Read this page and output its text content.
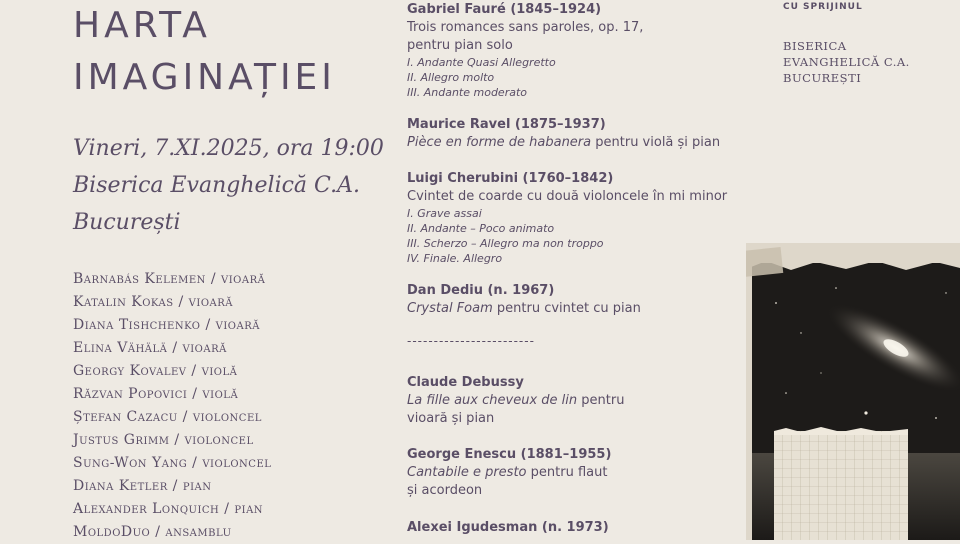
HARTA
IMAGINAȚIEI
Vineri, 7.XI.2025, ora 19:00
Biserica Evanghelică C.A.
București
Barnabás Kelemen / vioară
Katalin Kokas / vioară
Diana Tishchenko / vioară
Elina Vähälä / vioară
Georgy Kovalev / violă
Răzvan Popovici / violă
Ștefan Cazacu / violoncel
Justus Grimm / violoncel
Sung-Won Yang / violoncel
Diana Ketler / pian
Alexander Lonquich / pian
MoldoDuo / ansamblu
Gabriel Fauré (1845–1924)
Trois romances sans paroles, op. 17,
pentru pian solo
I. Andante Quasi Allegretto
II. Allegro molto
III. Andante moderato
Maurice Ravel (1875–1937)
Pièce en forme de habanera pentru violă și pian
Luigi Cherubini (1760–1842)
Cvintet de coarde cu două violoncele în mi minor
I. Grave assai
II. Andante – Poco animato
III. Scherzo – Allegro ma non troppo
IV. Finale. Allegro
Dan Dediu (n. 1967)
Crystal Foam pentru cvintet cu pian
------------------------
Claude Debussy
La fille aux cheveux de lin pentru
vioară și pian
George Enescu (1881–1955)
Cantabile e presto pentru flaut
și acordeon
Alexei Igudesman (n. 1973)
CU SPRIJINUL
BISERICA
EVANGHELICĂ C.A.
BUCUREȘTI
